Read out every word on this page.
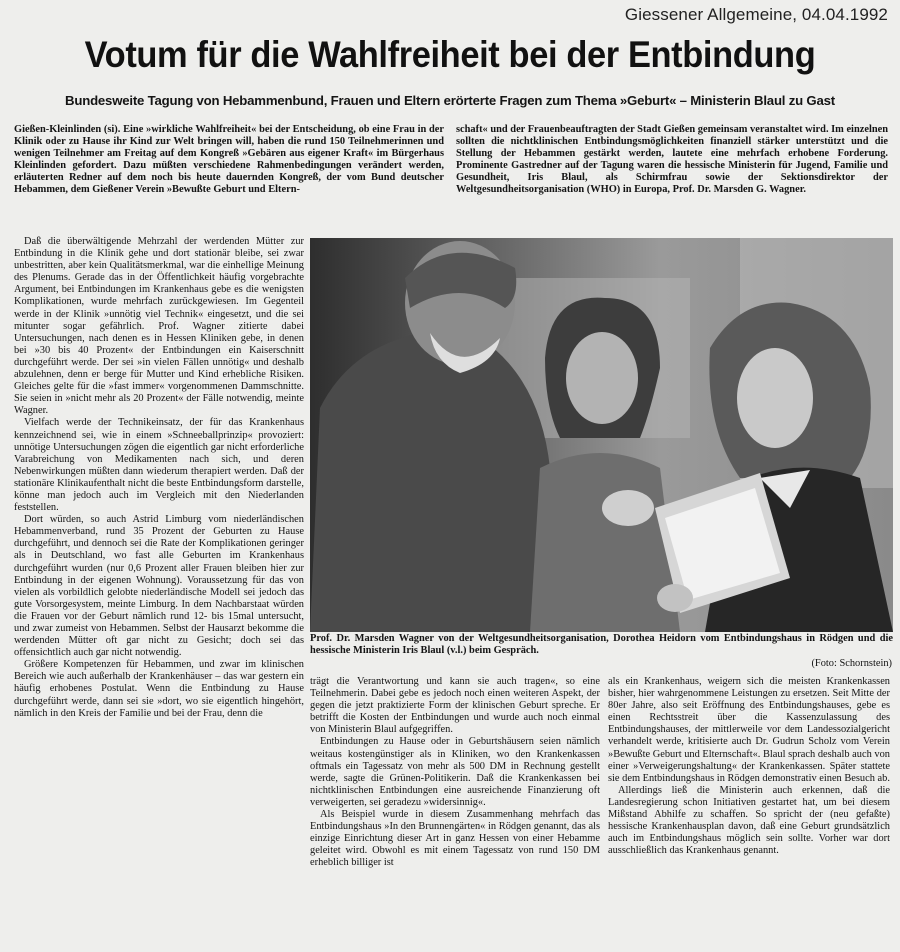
Giessener Allgemeine, 04.04.1992
Votum für die Wahlfreiheit bei der Entbindung
Bundesweite Tagung von Hebammenbund, Frauen und Eltern erörterte Fragen zum Thema »Geburt« – Ministerin Blaul zu Gast
Gießen-Kleinlinden (si). Eine »wirkliche Wahlfreiheit« bei der Entscheidung, ob eine Frau in der Klinik oder zu Hause ihr Kind zur Welt bringen will, haben die rund 150 Teilnehmerinnen und wenigen Teilnehmer am Freitag auf dem Kongreß »Gebären aus eigener Kraft« im Bürgerhaus Kleinlinden gefordert. Dazu müßten verschiedene Rahmenbedingungen verändert werden, erläuterten Redner auf dem noch bis heute dauernden Kongreß, der vom Bund deutscher Hebammen, dem Gießener Verein »Bewußte Geburt und Eltern-
schaft« und der Frauenbeauftragten der Stadt Gießen gemeinsam veranstaltet wird. Im einzelnen sollten die nichtklinischen Entbindungsmöglichkeiten finanziell stärker unterstützt und die Stellung der Hebammen gestärkt werden, lautete eine mehrfach erhobene Forderung. Prominente Gastredner auf der Tagung waren die hessische Ministerin für Jugend, Familie und Gesundheit, Iris Blaul, als Schirmfrau sowie der Sektionsdirektor der Weltgesundheitsorganisation (WHO) in Europa, Prof. Dr. Marsden G. Wagner.

Daß die überwältigende Mehrzahl der werdenden Mütter zur Entbindung in die Klinik gehe und dort stationär bleibe, sei zwar unbestritten, aber kein Qualitätsmerkmal, war die einhellige Meinung des Plenums. Gerade das in der Öffentlichkeit häufig vorgebrachte Argument, bei Entbindungen im Krankenhaus gebe es die wenigsten Komplikationen, wurde mehrfach zurückgewiesen. Im Gegenteil werde in der Klinik »unnötig viel Technik« eingesetzt, und die sei mitunter sogar gefährlich. Prof. Wagner zitierte dabei Untersuchungen, nach denen es in Hessen Kliniken gebe, in denen bei »30 bis 40 Prozent« der Entbindungen ein Kaiserschnitt durchgeführt werde. Der sei »in vielen Fällen unnötig« und deshalb abzulehnen, denn er berge für Mutter und Kind erhebliche Risiken. Gleiches gelte für die »fast immer« vorgenommenen Dammschnitte. Sie seien in »nicht mehr als 20 Prozent« der Fälle notwendig, meinte Wagner.

Vielfach werde der Technikeinsatz, der für das Krankenhaus kennzeichnend sei, wie in einem »Schneeballprinzip« provoziert: unnötige Untersuchungen zögen die eigentlich gar nicht erforderliche Varabreichung von Medikamenten nach sich, und deren Nebenwirkungen müßten dann wiederum therapiert werden. Daß der stationäre Klinikaufenthalt nicht die beste Entbindungsform darstelle, könne man jedoch auch im Vergleich mit den Niederlanden feststellen.

Dort würden, so auch Astrid Limburg vom niederländischen Hebammenverband, rund 35 Prozent der Geburten zu Hause durchgeführt, und dennoch sei die Rate der Komplikationen geringer als in Deutschland, wo fast alle Geburten im Krankenhaus durchgeführt wurden (nur 0,6 Prozent aller Frauen bleiben hier zur Entbindung in der eigenen Wohnung). Voraussetzung für das von vielen als vorbildlich gelobte niederländische Modell sei jedoch das gute Vorsorgesystem, meinte Limburg. In dem Nachbarstaat würden die Frauen vor der Geburt nämlich rund 12- bis 15mal untersucht, und zwar zumeist von Hebammen. Selbst der Hausarzt bekomme die werdenden Mütter oft gar nicht zu Gesicht; doch sei das offensichtlich auch gar nicht notwendig.

Größere Kompetenzen für Hebammen, und zwar im klinischen Bereich wie auch außerhalb der Krankenhäuser – das war gestern ein häufig erhobenes Postulat. Wenn die Entbindung zu Hause durchgeführt werde, dann sei sie »dort, wo sie eigentlich hingehört, nämlich in den Kreis der Familie und bei der Frau, denn die

Prof. Dr. Marsden Wagner von der Weltgesundheitsorganisation, Dorothea Heidorn vom Entbindungshaus in Rödgen und die hessische Ministerin Iris Blaul (v.l.) beim Gespräch.

(Foto: Schornstein)

trägt die Verantwortung und kann sie auch tragen«, so eine Teilnehmerin. Dabei gebe es jedoch noch einen weiteren Aspekt, der gegen die jetzt praktizierte Form der klinischen Geburt spreche. Er betrifft die Kosten der Entbindungen und wurde auch noch einmal von Ministerin Blaul aufgegriffen.

Entbindungen zu Hause oder in Geburtshäusern seien nämlich weitaus kostengünstiger als in Kliniken, wo den Krankenkassen oftmals ein Tagessatz von mehr als 500 DM in Rechnung gestellt werde, sagte die Grünen-Politikerin. Daß die Krankenkassen bei nichtklinischen Entbindungen eine ausreichende Finanzierung oft verweigerten, sei geradezu »widersinnig«.

Als Beispiel wurde in diesem Zusammenhang mehrfach das Entbindungshaus »In den Brunnengärten« in Rödgen genannt, das als einzige Einrichtung dieser Art in ganz Hessen von einer Hebamme geleitet wird. Obwohl es mit einem Tagessatz von rund 150 DM erheblich billiger ist

als ein Krankenhaus, weigern sich die meisten Krankenkassen bisher, hier wahrgenommene Leistungen zu ersetzen. Seit Mitte der 80er Jahre, also seit Eröffnung des Entbindungshauses, gebe es einen Rechtsstreit über die Kassenzulassung des Entbindungshauses, der mittlerweile vor dem Landessozialgericht verhandelt werde, kritisierte auch Dr. Gudrun Scholz vom Verein »Bewußte Geburt und Elternschaft«. Blaul sprach deshalb auch von einer »Verweigerungshaltung« der Krankenkassen. Später stattete sie dem Entbindungshaus in Rödgen demonstrativ einen Besuch ab.

Allerdings ließ die Ministerin auch erkennen, daß die Landesregierung schon Initiativen gestartet hat, um bei diesem Mißstand Abhilfe zu schaffen. So spricht der (neu gefaßte) hessische Krankenhausplan davon, daß eine Geburt grundsätzlich auch im Entbindungshaus möglich sein sollte. Vorher war dort ausschließlich das Krankenhaus genannt.
